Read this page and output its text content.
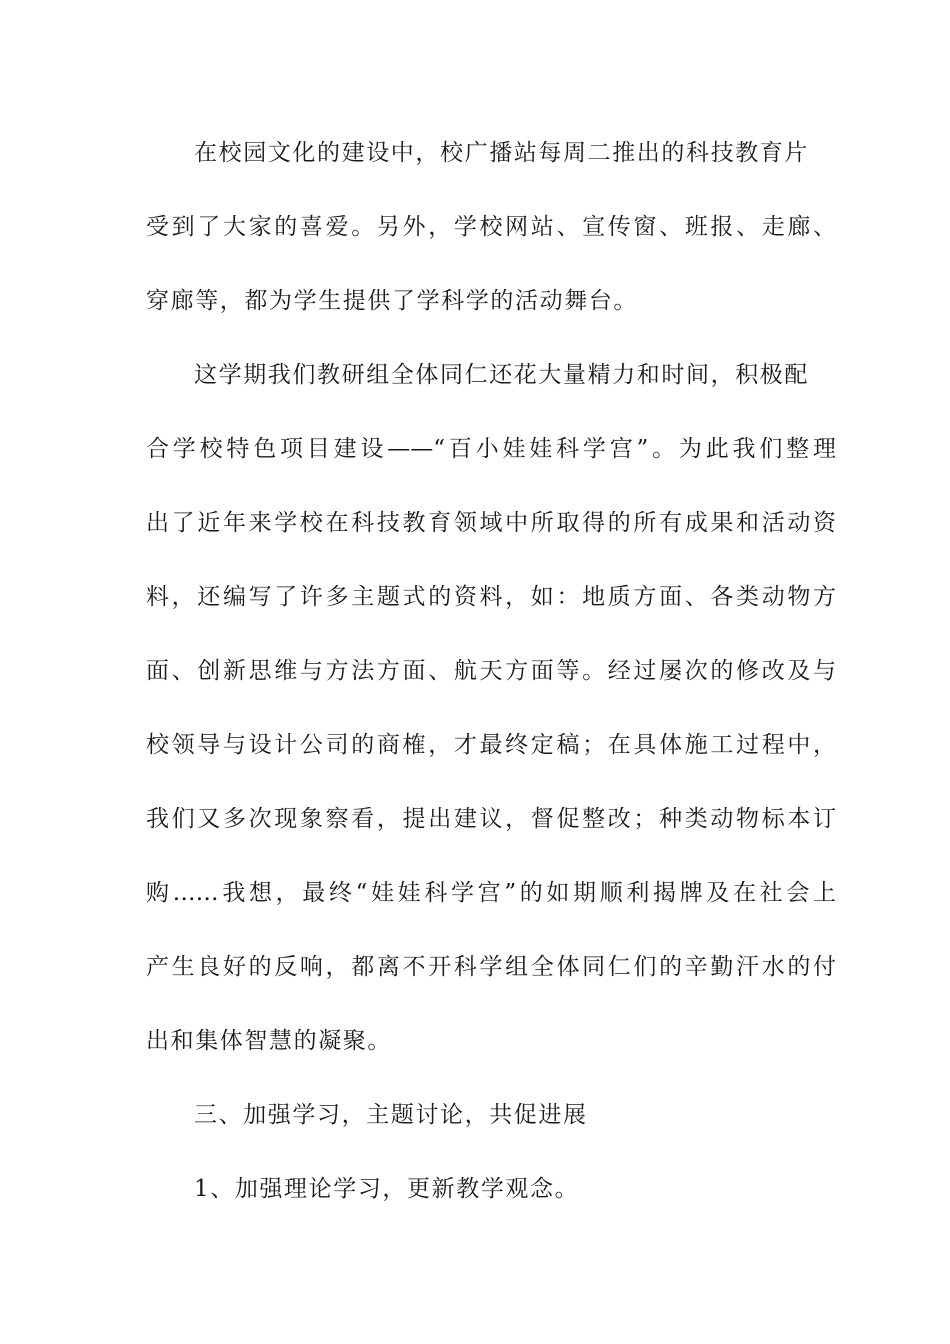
在校园文化的建设中，校广播站每周二推出的科技教育片
受到了大家的喜爱。另外，学校网站、宣传窗、班报、走廊、
穿廊等，都为学生提供了学科学的活动舞台。
这学期我们教研组全体同仁还花大量精力和时间，积极配
合学校特色项目建设——“百小娃娃科学宫”。为此我们整理
出了近年来学校在科技教育领域中所取得的所有成果和活动资
料，还编写了许多主题式的资料，如：地质方面、各类动物方
面、创新思维与方法方面、航天方面等。经过屡次的修改及与
校领导与设计公司的商榷，才最终定稿；在具体施工过程中，
我们又多次现象察看，提出建议，督促整改；种类动物标本订
购……我想，最终“娃娃科学宫”的如期顺利揭牌及在社会上
产生良好的反响，都离不开科学组全体同仁们的辛勤汗水的付
出和集体智慧的凝聚。
三、加强学习，主题讨论，共促进展
1、加强理论学习，更新教学观念。
